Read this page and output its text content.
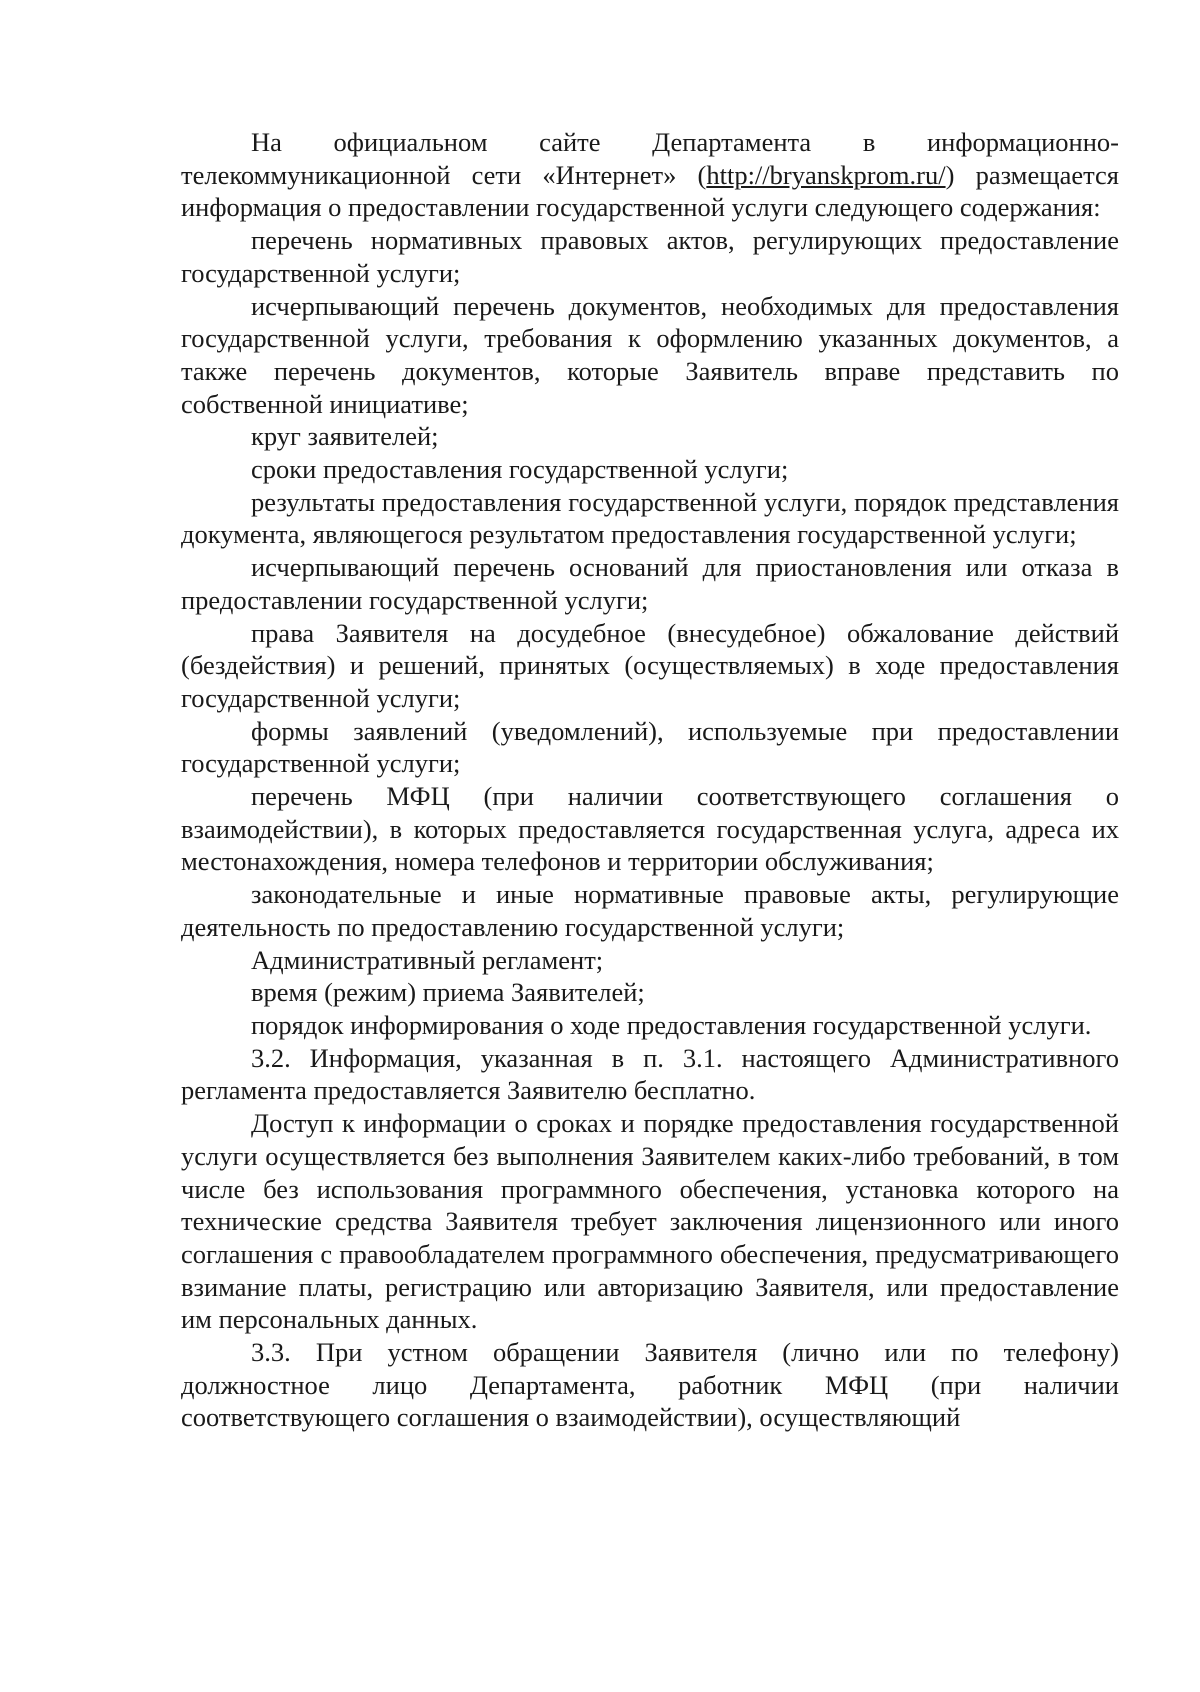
На официальном сайте Департамента в информационно-телекоммуникационной сети «Интернет» (http://bryanskprom.ru/) размещается информация о предоставлении государственной услуги следующего содержания:

перечень нормативных правовых актов, регулирующих предоставление государственной услуги;

исчерпывающий перечень документов, необходимых для предоставления государственной услуги, требования к оформлению указанных документов, а также перечень документов, которые Заявитель вправе представить по собственной инициативе;

круг заявителей;

сроки предоставления государственной услуги;

результаты предоставления государственной услуги, порядок представления документа, являющегося результатом предоставления государственной услуги;

исчерпывающий перечень оснований для приостановления или отказа в предоставлении государственной услуги;

права Заявителя на досудебное (внесудебное) обжалование действий (бездействия) и решений, принятых (осуществляемых) в ходе предоставления государственной услуги;

формы заявлений (уведомлений), используемые при предоставлении государственной услуги;

перечень МФЦ (при наличии соответствующего соглашения о взаимодействии), в которых предоставляется государственная услуга, адреса их местонахождения, номера телефонов и территории обслуживания;

законодательные и иные нормативные правовые акты, регулирующие деятельность по предоставлению государственной услуги;

Административный регламент;

время (режим) приема Заявителей;

порядок информирования о ходе предоставления государственной услуги.

3.2. Информация, указанная в п. 3.1. настоящего Административного регламента предоставляется Заявителю бесплатно.

Доступ к информации о сроках и порядке предоставления государственной услуги осуществляется без выполнения Заявителем каких-либо требований, в том числе без использования программного обеспечения, установка которого на технические средства Заявителя требует заключения лицензионного или иного соглашения с правообладателем программного обеспечения, предусматривающего взимание платы, регистрацию или авторизацию Заявителя, или предоставление им персональных данных.

3.3. При устном обращении Заявителя (лично или по телефону) должностное лицо Департамента, работник МФЦ (при наличии соответствующего соглашения о взаимодействии), осуществляющий
